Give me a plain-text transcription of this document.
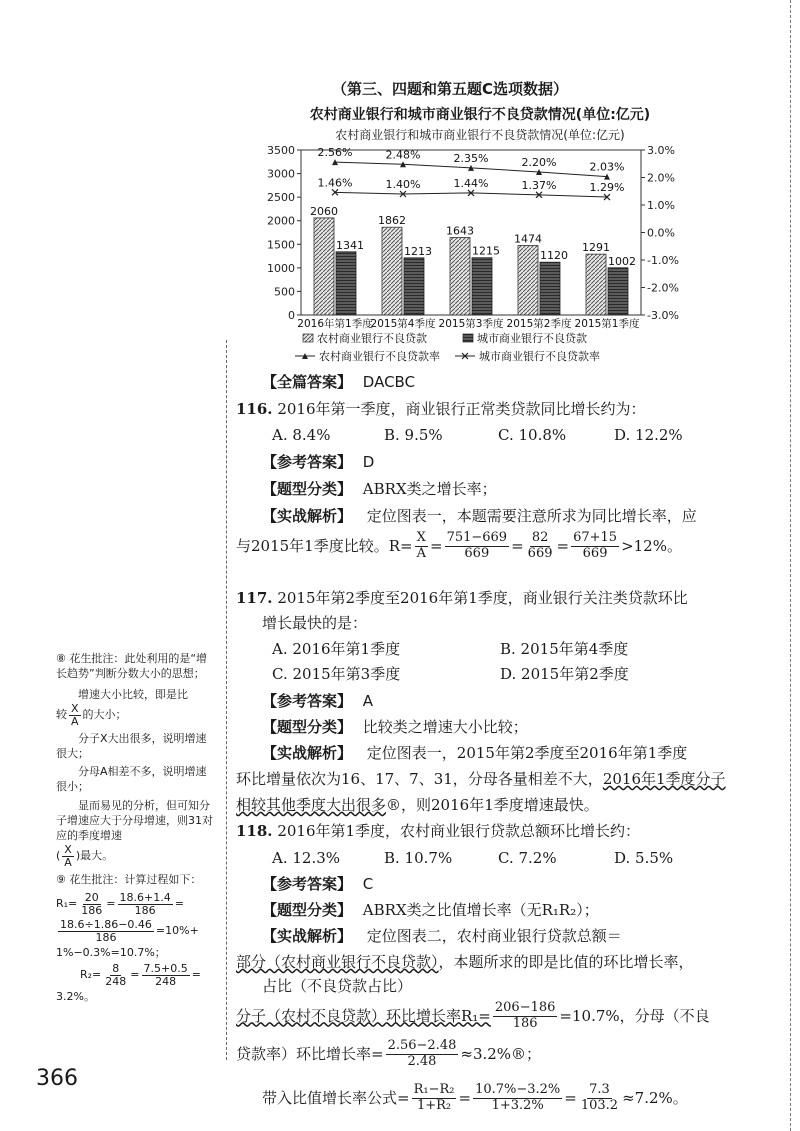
（第三、四题和第五题C选项数据）
农村商业银行和城市商业银行不良贷款情况(单位:亿元)
农村商业银行和城市商业银行不良贷款情况(单位:亿元)
0
500
1000
1500
2000
2500
3000
3500
-3.0%
-2.0%
-1.0%
0.0%
1.0%
2.0%
3.0%
2060
1341
2016年第1季度
1862
1213
2015第4季度
1643
1215
2015第3季度
1474
1120
2015第2季度
1291
1002
2015第1季度
2.56%	2.48%	2.35%	2.20%	2.03%
1.46%	1.40%	1.44%	1.37%	1.29%
农村商业银行不良贷款	城市商业银行不良贷款
农村商业银行不良贷款率	城市商业银行不良贷款率
【全篇答案】 DACBC
116. 2016年第一季度，商业银行正常类贷款同比增长约为：
A. 8.4%	B. 9.5%	C. 10.8%	D. 12.2%
【参考答案】 D
【题型分类】 ABRX类之增长率；
【实战解析】 定位图表一，本题需要注意所求为同比增长率，应
与2015年1季度比较。$R= \frac{X}{A} = \frac{751-669}{669} = \frac{82}{669} = \frac{67+15}{669} >12\%$。
117. 2015年第2季度至2016年第1季度，商业银行关注类贷款环比
增长最快的是：
A. 2016年第1季度	B. 2015年第4季度
C. 2015年第3季度	D. 2015年第2季度
【参考答案】 A
【题型分类】 比较类之增速大小比较；
【实战解析】 定位图表一，2015年第2季度至2016年第1季度
环比增量依次为16、17、7、31，分母各量相差不大，2016年1季度分子
相较其他季度大出很多®，则2016年1季度增速最快。
118. 2016年第1季度，农村商业银行贷款总额环比增长约：
A. 12.3%	B. 10.7%	C. 7.2%	D. 5.5%
【参考答案】 C
【题型分类】 ABRX类之比值增长率（无R₁R₂）；
【实战解析】 定位图表二，农村商业银行贷款总额＝
部分（农村商业银行不良贷款），本题所求的即是比值的环比增长率，
占比（不良贷款占比）
分子（农村不良贷款）环比增长率$R_1= \frac{206-186}{186} =10.7\%$，分母（不良
贷款率）环比增长率= $\frac{2.56-2.48}{2.48}$ ≈3.2%®；
带入比值增长率公式= $\frac{\text{R₁−R₂}}{\text{1+R₂}} = \frac{10.7\%-3.2\%}{1+3.2\%} = \frac{7.3}{103.2} \approx 7.2\%$。
⑧ 花生批注：此处利用的是“增长趋势”判断分数大小的思想；
增速大小比较，即是比
较 $\frac{X}{A}$ 的大小；
分子X大出很多，说明增速很大；
分母A相差不多，说明增速很小；
显而易见的分析，但可知分子增速应大于分母增速，则31对应的季度增速
( $\frac{X}{A}$ ) 最大。
⑨ 花生批注：计算过程如下：
$R_1= \frac{20}{186} = \frac{18.6+1.4}{186}$ =
$\frac{18.6\div 1.86-0.46}{186} =10\%+$
1%−0.3%=10.7%；
$R_2= \frac{8}{248} = \frac{7.5+0.5}{248}$ =
3.2%。
366
